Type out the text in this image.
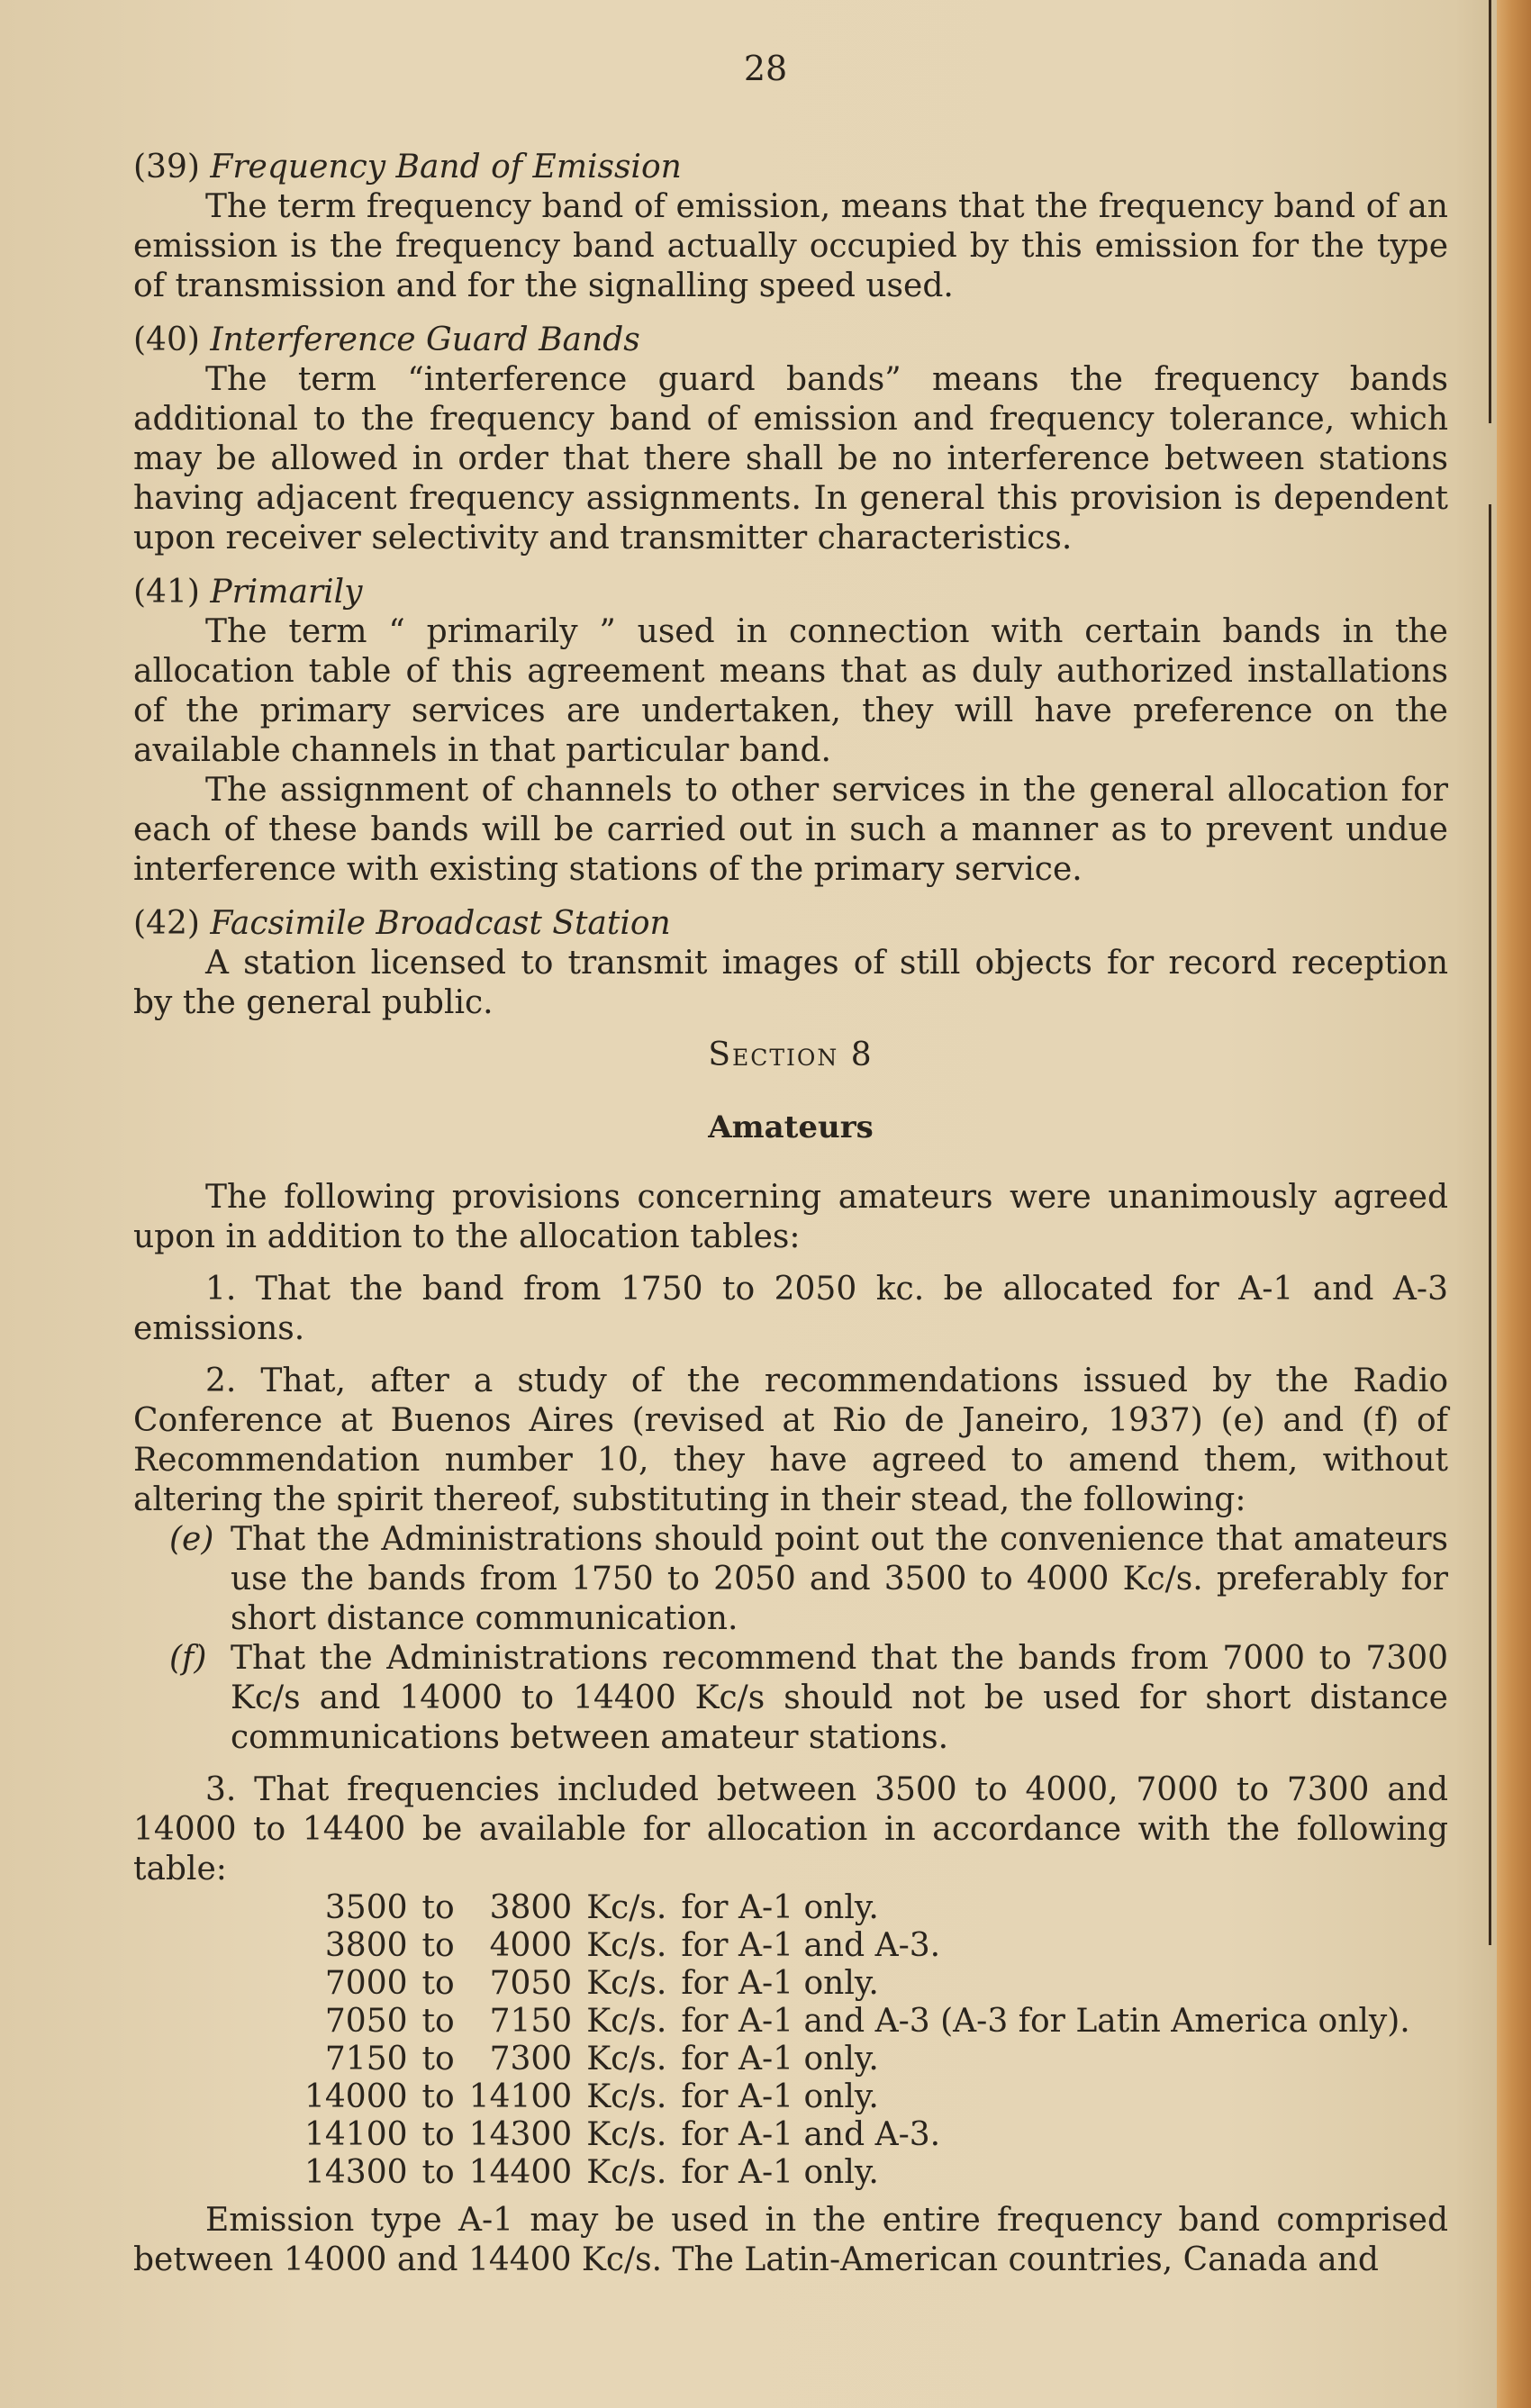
28

(39) Frequency Band of Emission

The term frequency band of emission, means that the frequency band of an emission is the frequency band actually occupied by this emission for the type of transmission and for the signalling speed used.

(40) Interference Guard Bands

The term “interference guard bands” means the frequency bands additional to the frequency band of emission and frequency tolerance, which may be allowed in order that there shall be no interference between stations having adjacent frequency assignments. In general this provision is dependent upon receiver selectivity and transmitter characteristics.

(41) Primarily

The term “ primarily ” used in connection with certain bands in the allocation table of this agreement means that as duly authorized installations of the primary services are undertaken, they will have preference on the available channels in that particular band.

The assignment of channels to other services in the general allocation for each of these bands will be carried out in such a manner as to prevent undue interference with existing stations of the primary service.

(42) Facsimile Broadcast Station

A station licensed to transmit images of still objects for record reception by the general public.

Section 8

Amateurs

The following provisions concerning amateurs were unanimously agreed upon in addition to the allocation tables:

1. That the band from 1750 to 2050 kc. be allocated for A-1 and A-3 emissions.

2. That, after a study of the recommendations issued by the Radio Conference at Buenos Aires (revised at Rio de Janeiro, 1937) (e) and (f) of Recommendation number 10, they have agreed to amend them, without altering the spirit thereof, substituting in their stead, the following:

(e) That the Administrations should point out the convenience that amateurs use the bands from 1750 to 2050 and 3500 to 4000 Kc/s. preferably for short distance communication.
(f) That the Administrations recommend that the bands from 7000 to 7300 Kc/s and 14000 to 14400 Kc/s should not be used for short distance communications between amateur stations.

3. That frequencies included between 3500 to 4000, 7000 to 7300 and 14000 to 14400 be available for allocation in accordance with the following table:

3500	to	3800	Kc/s.	for A-1 only.
3800	to	4000	Kc/s.	for A-1 and A-3.
7000	to	7050	Kc/s.	for A-1 only.
7050	to	7150	Kc/s.	for A-1 and A-3 (A-3 for Latin America only).
7150	to	7300	Kc/s.	for A-1 only.
14000	to	14100	Kc/s.	for A-1 only.
14100	to	14300	Kc/s.	for A-1 and A-3.
14300	to	14400	Kc/s.	for A-1 only.

Emission type A-1 may be used in the entire frequency band comprised between 14000 and 14400 Kc/s. The Latin-American countries, Canada and
